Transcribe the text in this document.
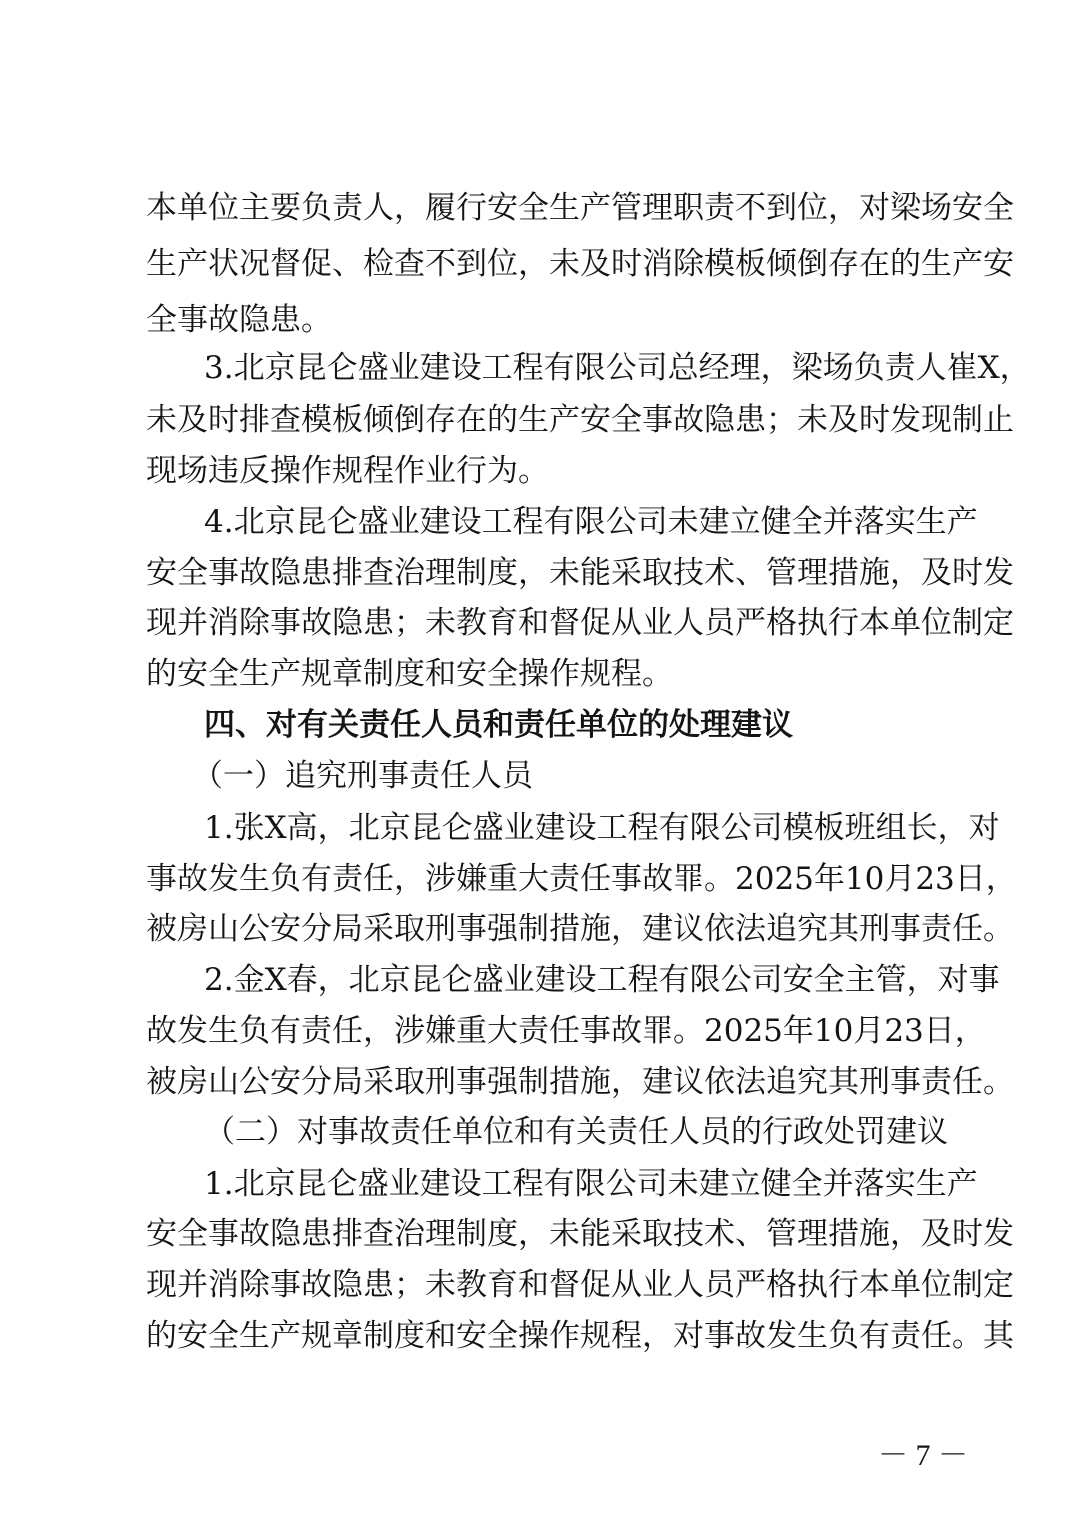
本单位主要负责人，履行安全生产管理职责不到位，对梁场安全
生产状况督促、检查不到位，未及时消除模板倾倒存在的生产安
全事故隐患。
3.北京昆仑盛业建设工程有限公司总经理，梁场负责人崔X，
未及时排查模板倾倒存在的生产安全事故隐患；未及时发现制止
现场违反操作规程作业行为。
4.北京昆仑盛业建设工程有限公司未建立健全并落实生产
安全事故隐患排查治理制度，未能采取技术、管理措施，及时发
现并消除事故隐患；未教育和督促从业人员严格执行本单位制定
的安全生产规章制度和安全操作规程。
四、对有关责任人员和责任单位的处理建议
（一）追究刑事责任人员
1.张X高，北京昆仑盛业建设工程有限公司模板班组长，对
事故发生负有责任，涉嫌重大责任事故罪。2025年10月23日，
被房山公安分局采取刑事强制措施，建议依法追究其刑事责任。
2.金X春，北京昆仑盛业建设工程有限公司安全主管，对事
故发生负有责任，涉嫌重大责任事故罪。2025年10月23日，
被房山公安分局采取刑事强制措施，建议依法追究其刑事责任。
（二）对事故责任单位和有关责任人员的行政处罚建议
1.北京昆仑盛业建设工程有限公司未建立健全并落实生产
安全事故隐患排查治理制度，未能采取技术、管理措施，及时发
现并消除事故隐患；未教育和督促从业人员严格执行本单位制定
的安全生产规章制度和安全操作规程，对事故发生负有责任。其
－ 7 －
